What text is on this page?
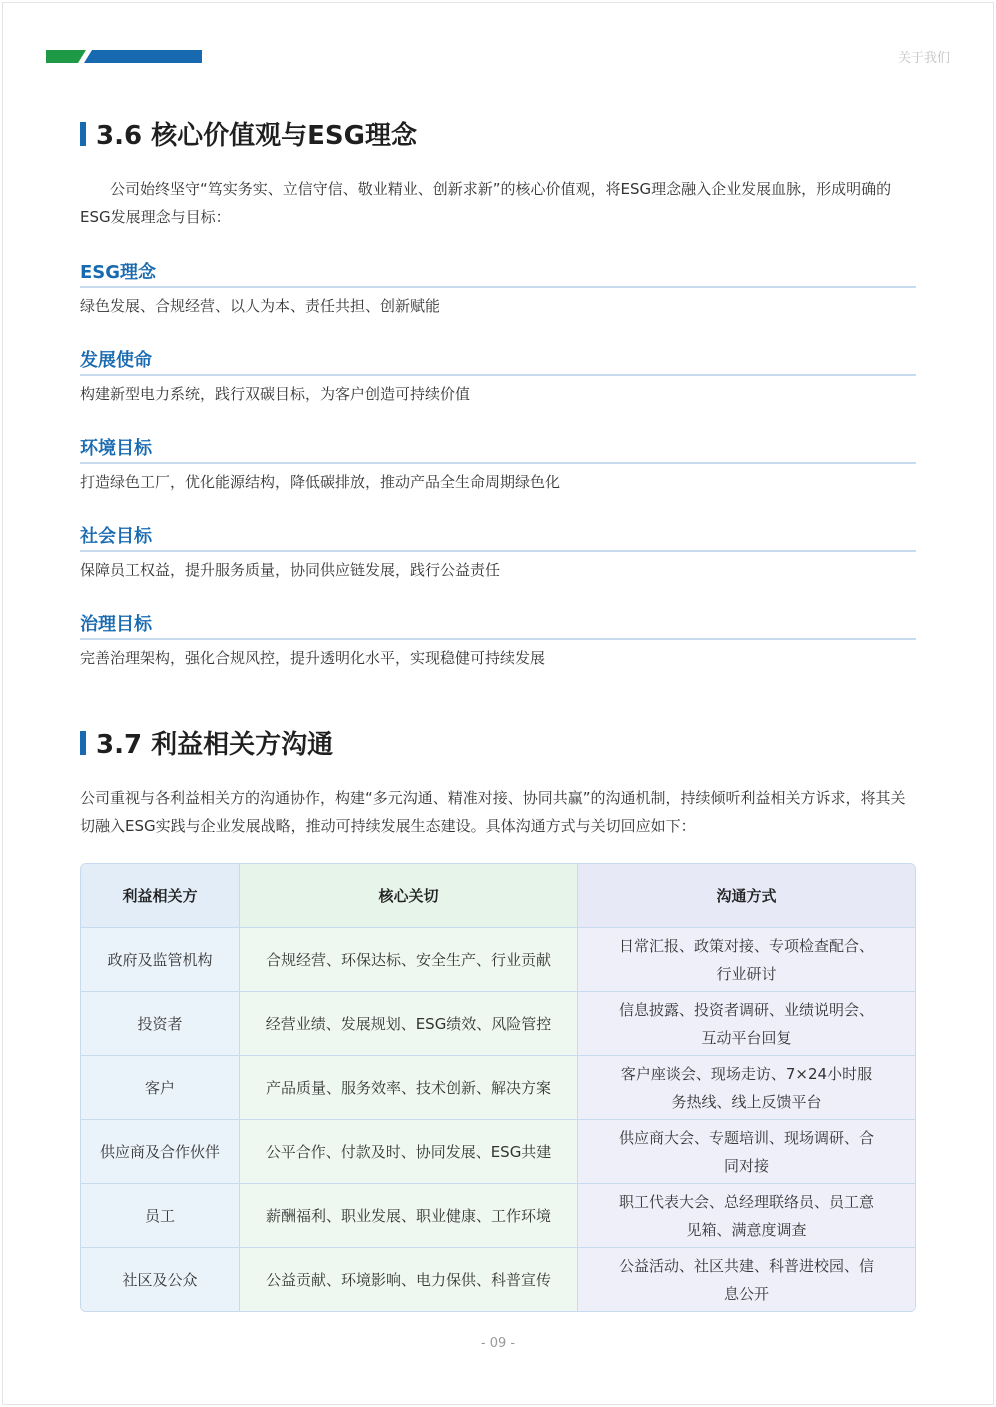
关于我们
3.6 核心价值观与ESG理念

公司始终坚守“笃实务实、立信守信、敬业精业、创新求新”的核心价值观，将ESG理念融入企业发展血脉，形成明确的ESG发展理念与目标：

ESG理念
绿色发展、合规经营、以人为本、责任共担、创新赋能
发展使命
构建新型电力系统，践行双碳目标，为客户创造可持续价值
环境目标
打造绿色工厂，优化能源结构，降低碳排放，推动产品全生命周期绿色化
社会目标
保障员工权益，提升服务质量，协同供应链发展，践行公益责任
治理目标
完善治理架构，强化合规风控，提升透明化水平，实现稳健可持续发展
3.7 利益相关方沟通

公司重视与各利益相关方的沟通协作，构建“多元沟通、精准对接、协同共赢”的沟通机制，持续倾听利益相关方诉求，将其关切融入ESG实践与企业发展战略，推动可持续发展生态建设。具体沟通方式与关切回应如下：

利益相关方	核心关切	沟通方式
政府及监管机构	合规经营、环保达标、安全生产、行业贡献	日常汇报、政策对接、专项检查配合、行业研讨
投资者	经营业绩、发展规划、ESG绩效、风险管控	信息披露、投资者调研、业绩说明会、互动平台回复
客户	产品质量、服务效率、技术创新、解决方案	客户座谈会、现场走访、7×24小时服务热线、线上反馈平台
供应商及合作伙伴	公平合作、付款及时、协同发展、ESG共建	供应商大会、专题培训、现场调研、合同对接
员工	薪酬福利、职业发展、职业健康、工作环境	职工代表大会、总经理联络员、员工意见箱、满意度调查
社区及公众	公益贡献、环境影响、电力保供、科普宣传	公益活动、社区共建、科普进校园、信息公开
- 09 -
